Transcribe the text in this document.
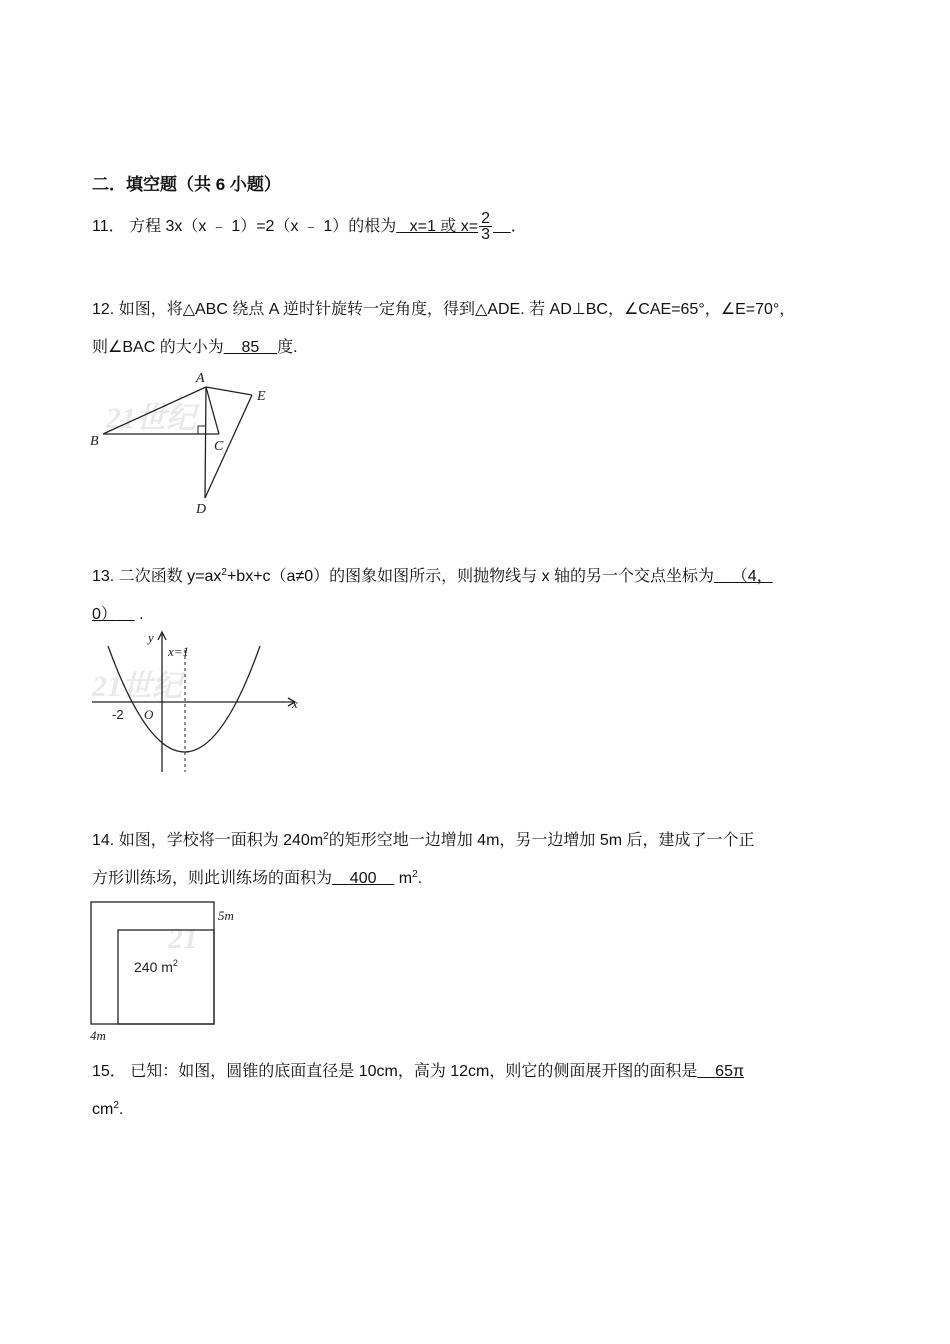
二．填空题（共 6 小题）
11． 方程 3x（x ﹣ 1）=2（x ﹣ 1）的根为 x=1 或 $x= \frac{2}{3}$ ．
12. 如图，将△ABC 绕点 A 逆时针旋转一定角度，得到△ADE. 若 AD⊥BC，∠CAE=65°，∠E=70°，
则∠BAC 的大小为 85 度.
21世纪
A
B	C
D
E
13. 二次函数 $y=ax^2+bx+c(a\ne 0)$的图象如图所示，则抛物线与 x 轴的另一个交点坐标为 （4，
0） .
21世纪
y
x
x=1
-2 O
14. 如图，学校将一面积为 $240m^2$的矩形空地一边增加 4m，另一边增加 5m 后，建成了一个正
方形训练场，则此训练场的面积为 400 $m^2$.
21
5m
4m
240 $m^2$
15． 已知：如图，圆锥的底面直径是 10cm，高为 12cm，则它的侧面展开图的面积是 65π
$cm^2$.
